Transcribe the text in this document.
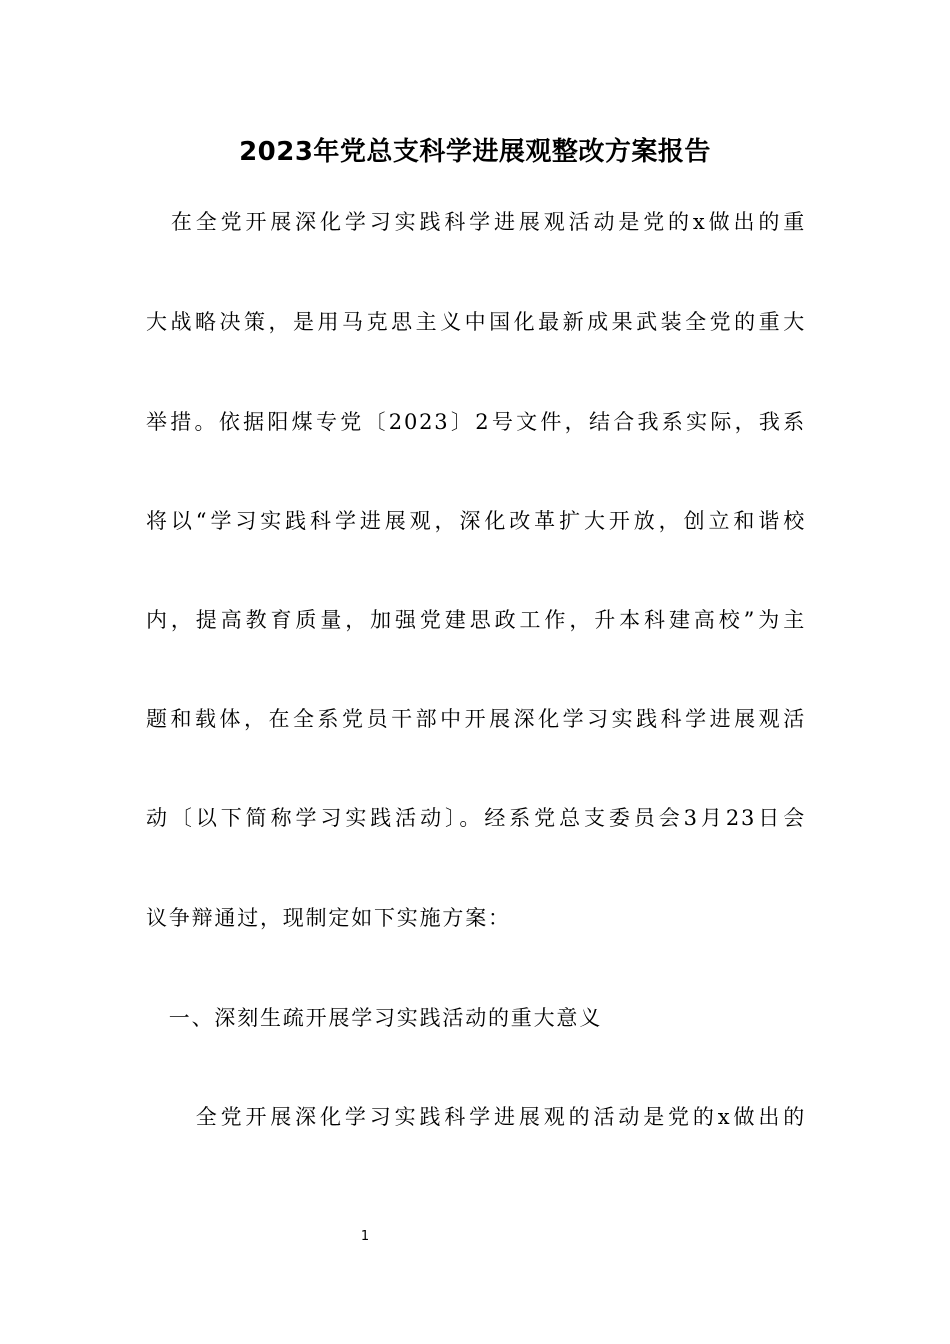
2023年党总支科学进展观整改方案报告
　在全党开展深化学习实践科学进展观活动是党的x做出的重
大战略决策，是用马克思主义中国化最新成果武装全党的重大
举措。依据阳煤专党〔2023〕2号文件，结合我系实际，我系
将以“学习实践科学进展观，深化改革扩大开放，创立和谐校
内，提高教育质量，加强党建思政工作，升本科建高校”为主
题和载体，在全系党员干部中开展深化学习实践科学进展观活
动〔以下简称学习实践活动〕。经系党总支委员会3月23日会
议争辩通过，现制定如下实施方案：
　一、深刻生疏开展学习实践活动的重大意义
　　全党开展深化学习实践科学进展观的活动是党的x做出的
1
